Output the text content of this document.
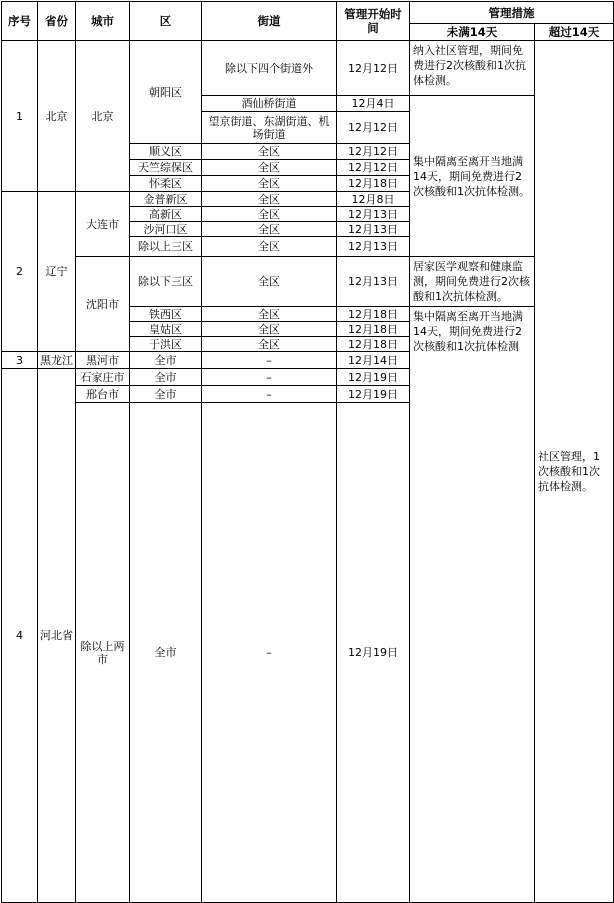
序号	省份	城市	区	街道	管理开始时间	管理措施		
						未满14天	超过14天	
1	北京	北京	朝阳区	除以下四个街道外	12月12日	纳入社区管理，期间免费进行2次核酸和1次抗体检测。	社区管理，1次核酸和1次抗体检测。	
				酒仙桥街道	12月4日	集中隔离至离开当地满14天，期间免费进行2次核酸和1次抗体检测。		
				望京街道、东湖街道、机场街道	12月12日			
			顺义区	全区	12月12日			
			天竺综保区	全区	12月12日			
			怀柔区	全区	12月18日			
2	辽宁	大连市	金普新区	全区	12月8日			
			高新区	全区	12月13日			
			沙河口区	全区	12月13日			
			除以上三区	全区	12月13日			
		沈阳市	除以下三区	全区	12月13日	居家医学观察和健康监测，期间免费进行2次核酸和1次抗体检测。		
			铁西区	全区	12月18日	集中隔离至离开当地满14天，期间免费进行2次核酸和1次抗体检测		
			皇姑区	全区	12月18日			
			于洪区	全区	12月18日			
3	黑龙江	黑河市	全市	–	12月14日			
4	河北省	石家庄市	全市	–	12月19日			
		邢台市	全市	–	12月19日			
		除以上两市	全市	–	12月19日	
